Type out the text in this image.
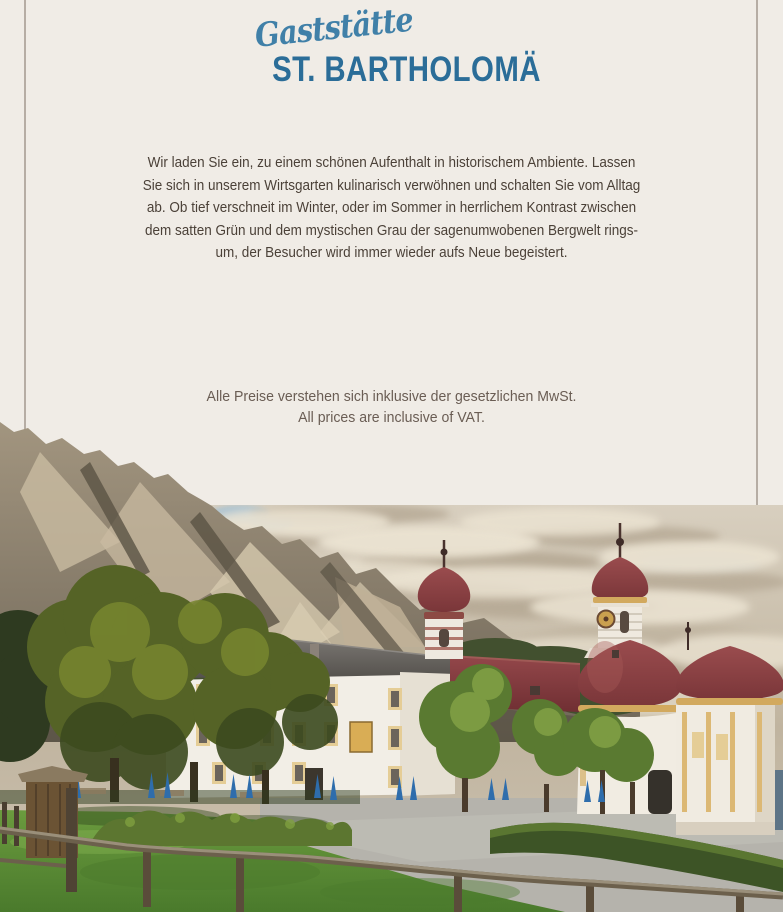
Gaststätte
ST. BARTHOLOMÄ
Wir laden Sie ein, zu einem schönen Aufenthalt in historischem Ambiente. Lassen
Sie sich in unserem Wirtsgarten kulinarisch verwöhnen und schalten Sie vom Alltag
ab. Ob tief verschneit im Winter, oder im Sommer in herrlichem Kontrast zwischen
dem satten Grün und dem mystischen Grau der sagenumwobenen Bergwelt rings-
um, der Besucher wird immer wieder aufs Neue begeistert.
Alle Preise verstehen sich inklusive der gesetzlichen MwSt.
All prices are inclusive of VAT.
